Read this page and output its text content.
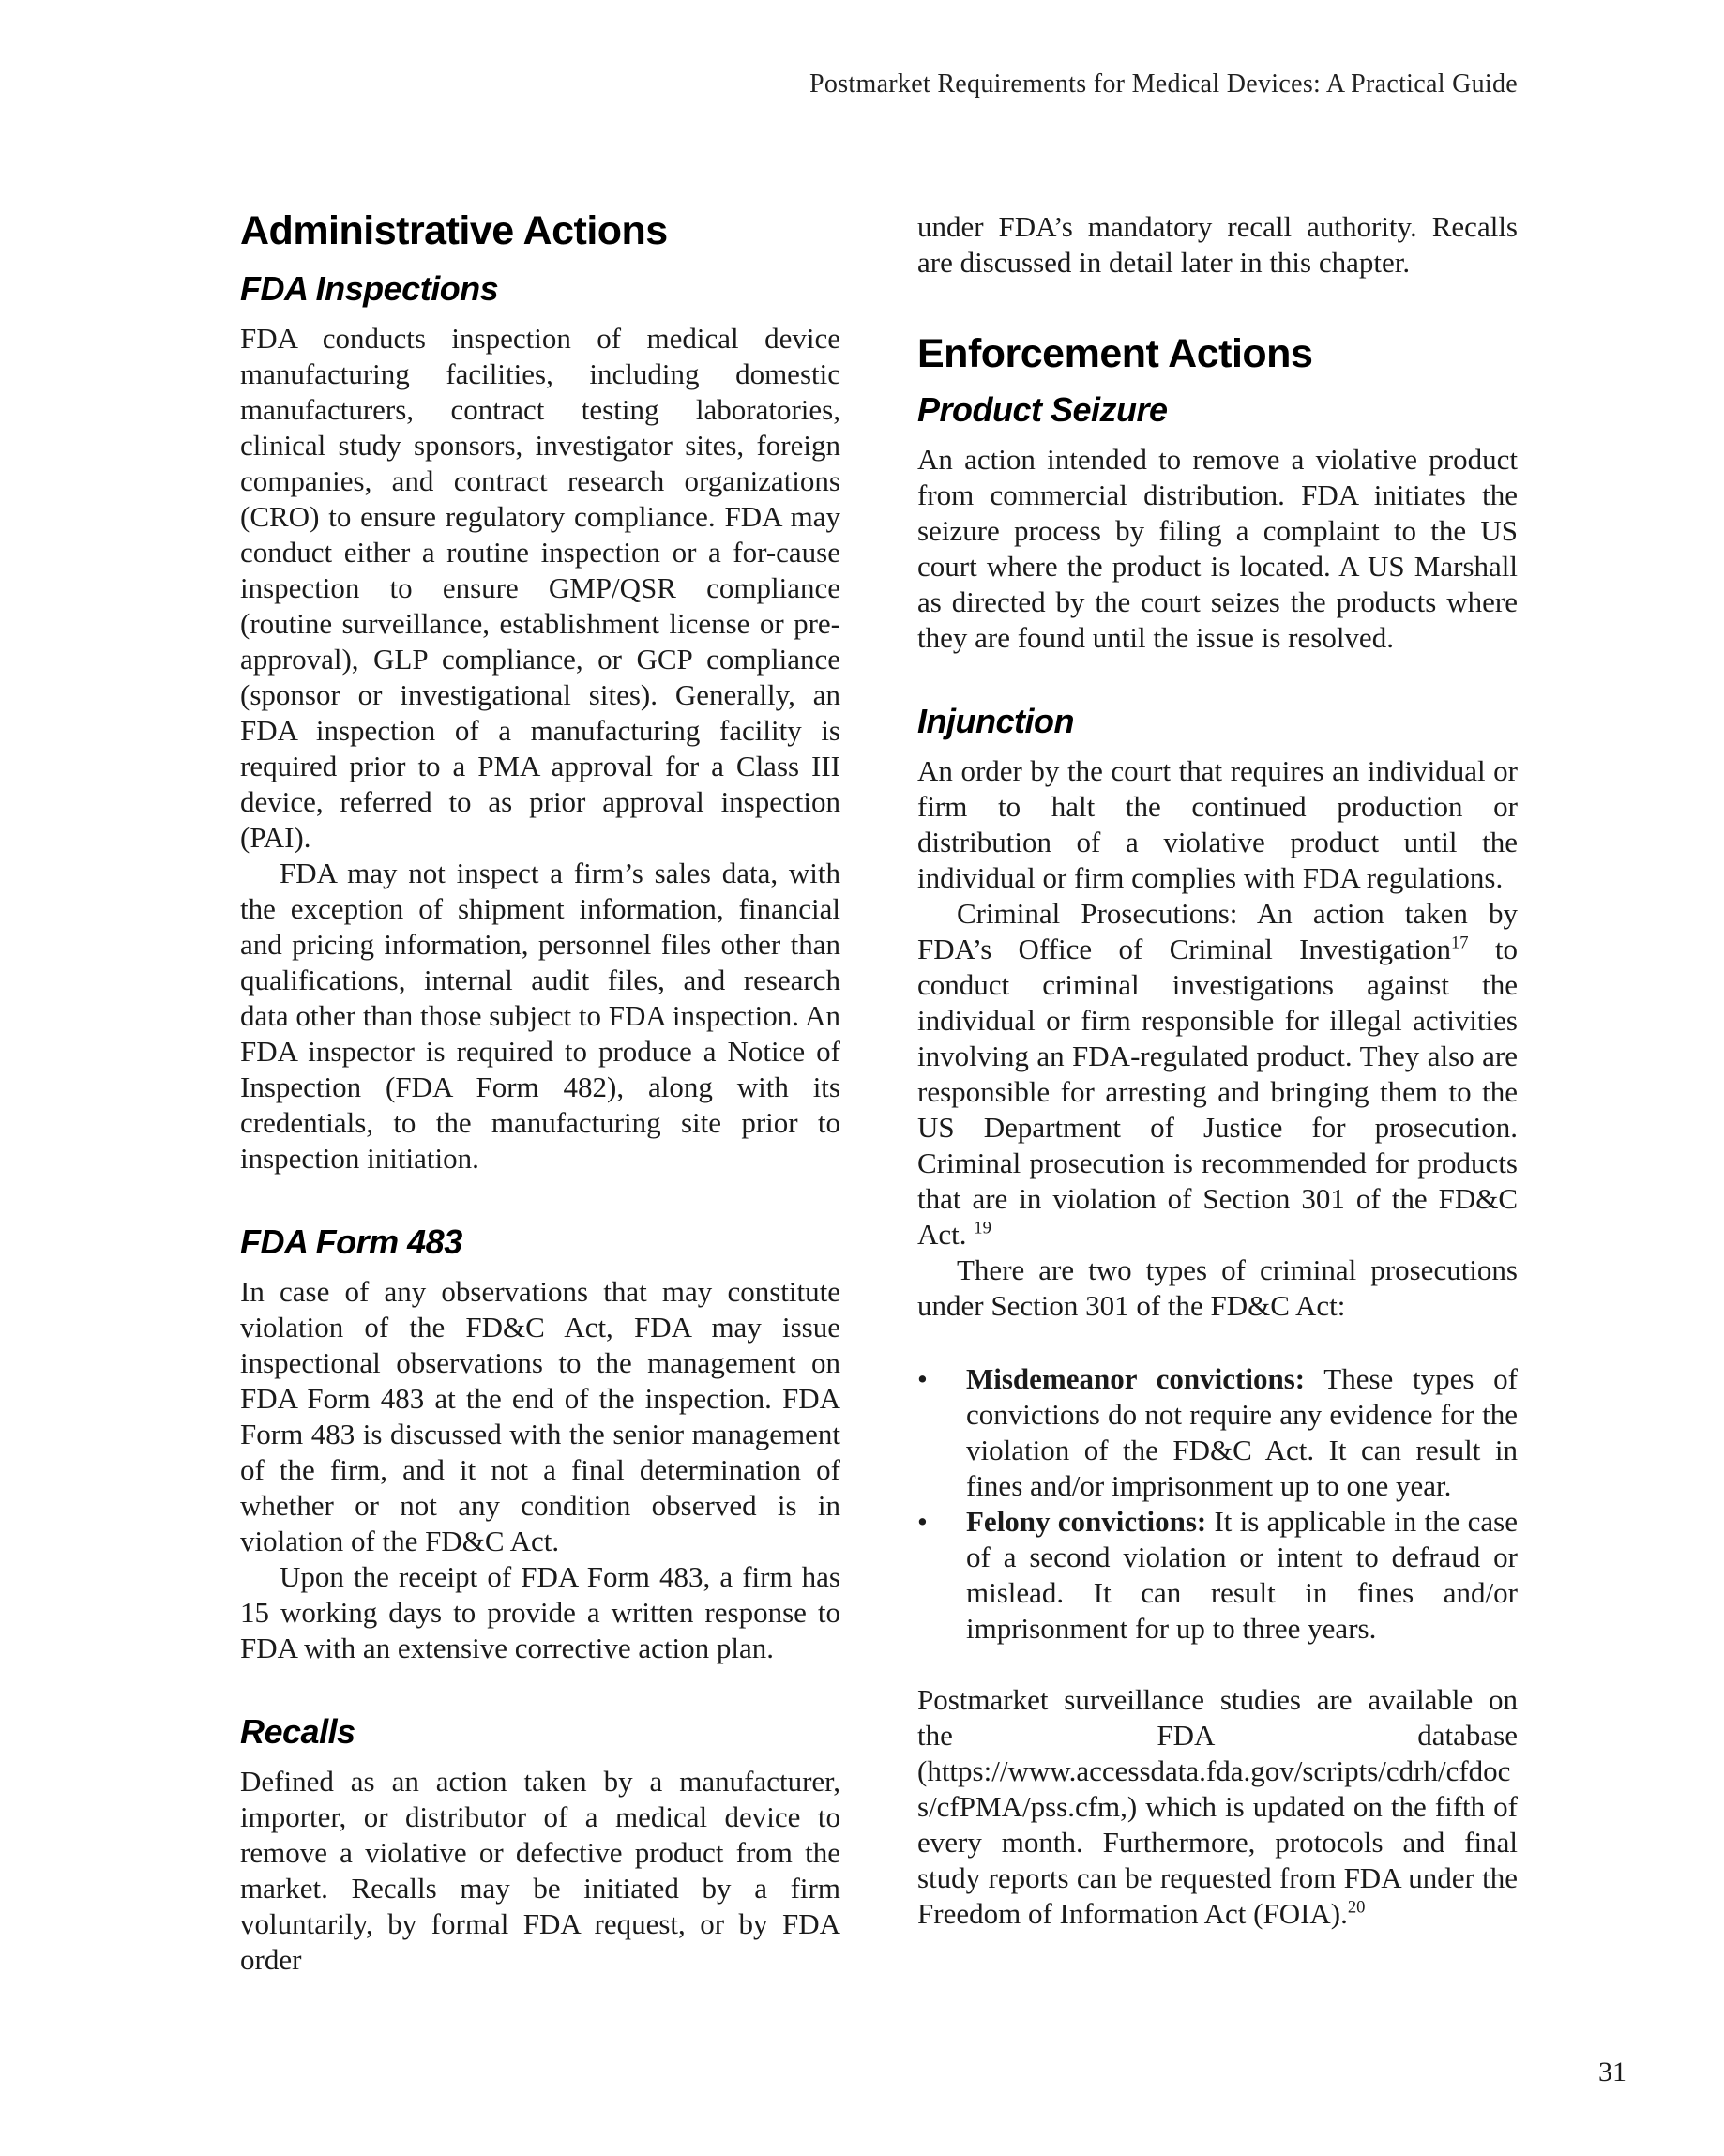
Postmarket Requirements for Medical Devices: A Practical Guide
Administrative Actions
FDA Inspections

FDA conducts inspection of medical device manufacturing facilities, including domestic manufacturers, contract testing laboratories, clinical study sponsors, investigator sites, foreign companies, and contract research organizations (CRO) to ensure regulatory compliance. FDA may conduct either a routine inspection or a for-cause inspection to ensure GMP/QSR compliance (routine surveillance, establishment license or pre-approval), GLP compliance, or GCP compliance (sponsor or investigational sites). Generally, an FDA inspection of a manufacturing facility is required prior to a PMA approval for a Class III device, referred to as prior approval inspection (PAI).

FDA may not inspect a firm’s sales data, with the exception of shipment information, financial and pricing information, personnel files other than qualifications, internal audit files, and research data other than those subject to FDA inspection. An FDA inspector is required to produce a Notice of Inspection (FDA Form 482), along with its credentials, to the manufacturing site prior to inspection initiation.

FDA Form 483

In case of any observations that may constitute violation of the FD&C Act, FDA may issue inspectional observations to the management on FDA Form 483 at the end of the inspection. FDA Form 483 is discussed with the senior management of the firm, and it not a final determination of whether or not any condition observed is in violation of the FD&C Act.

Upon the receipt of FDA Form 483, a firm has 15 working days to provide a written response to FDA with an extensive corrective action plan.

Recalls

Defined as an action taken by a manufacturer, importer, or distributor of a medical device to remove a violative or defective product from the market. Recalls may be initiated by a firm voluntarily, by formal FDA request, or by FDA order

under FDA’s mandatory recall authority. Recalls are discussed in detail later in this chapter.

Enforcement Actions
Product Seizure

An action intended to remove a violative product from commercial distribution. FDA initiates the seizure process by filing a complaint to the US court where the product is located. A US Marshall as directed by the court seizes the products where they are found until the issue is resolved.

Injunction

An order by the court that requires an individual or firm to halt the continued production or distribution of a violative product until the individual or firm complies with FDA regulations.

Criminal Prosecutions: An action taken by FDA’s Office of Criminal Investigation$^{17}$ to conduct criminal investigations against the individual or firm responsible for illegal activities involving an FDA-regulated product. They also are responsible for arresting and bringing them to the US Department of Justice for prosecution. Criminal prosecution is recommended for products that are in violation of Section 301 of the FD&C Act. $^{19}$

There are two types of criminal prosecutions under Section 301 of the FD&C Act:

•	Misdemeanor convictions: These types of convictions do not require any evidence for the violation of the FD&C Act. It can result in fines and/or imprisonment up to one year.
•	Felony convictions: It is applicable in the case of a second violation or intent to defraud or mislead. It can result in fines and/or imprisonment for up to three years.

Postmarket surveillance studies are available on the FDA database (https://www.accessdata.fda.gov/scripts/cdrh/cfdocs/cfPMA/pss.cfm,) which is updated on the fifth of every month. Furthermore, protocols and final study reports can be requested from FDA under the Freedom of Information Act (FOIA).$^{20}$

31
